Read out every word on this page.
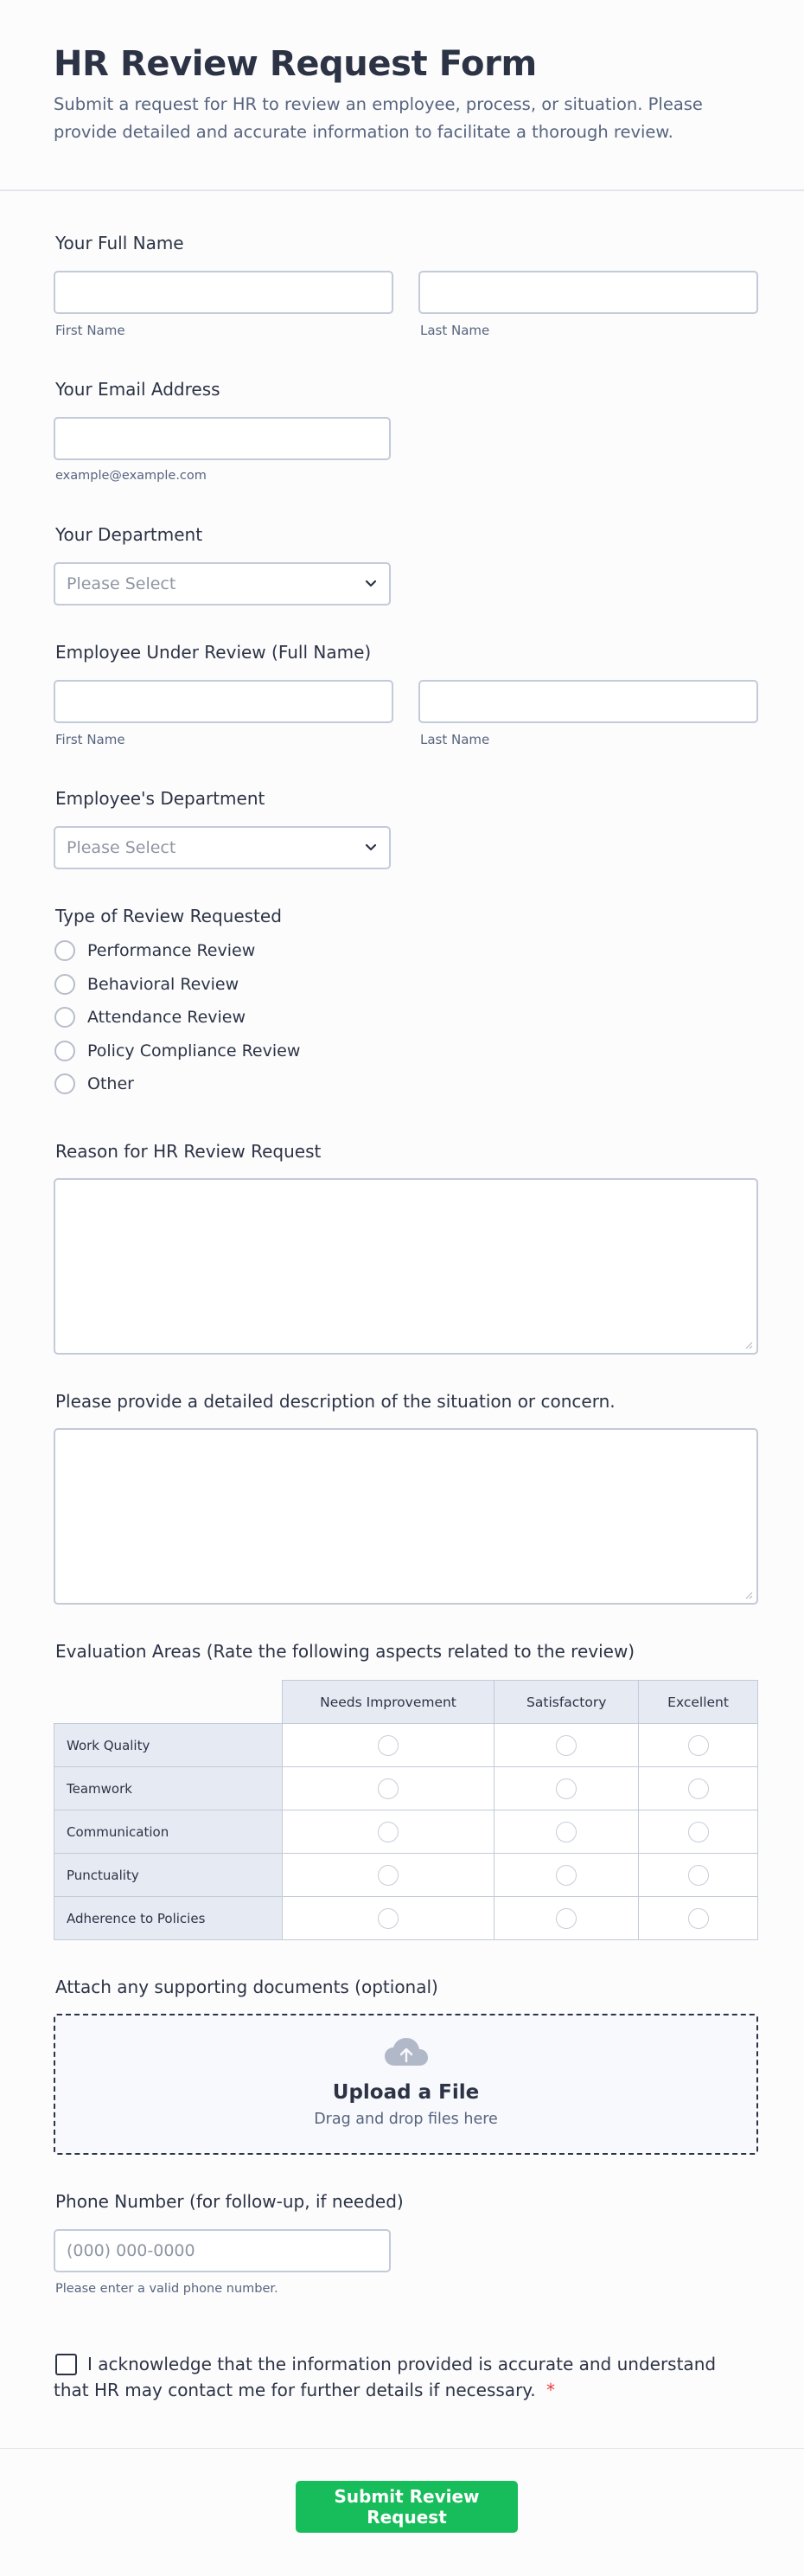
HR Review Request Form

Submit a request for HR to review an employee, process, or situation. Please provide detailed and accurate information to facilitate a thorough review.

Your Full Name
First Name	Last Name
Your Email Address
example@example.com
Your Department
Please Select
Employee Under Review (Full Name)
First Name	Last Name
Employee's Department
Please Select
Type of Review Requested
Performance Review
Behavioral Review
Attendance Review
Policy Compliance Review
Other
Reason for HR Review Request
Please provide a detailed description of the situation or concern.
Evaluation Areas (Rate the following aspects related to the review)
	Needs Improvement	Satisfactory	Excellent
Work Quality			
Teamwork			
Communication			
Punctuality			
Adherence to Policies			
Attach any supporting documents (optional)
Upload a File
Drag and drop files here
Phone Number (for follow-up, if needed)
(000) 000-0000
Please enter a valid phone number.
I acknowledge that the information provided is accurate and understand
that HR may contact me for further details if necessary. *
Submit Review Request
